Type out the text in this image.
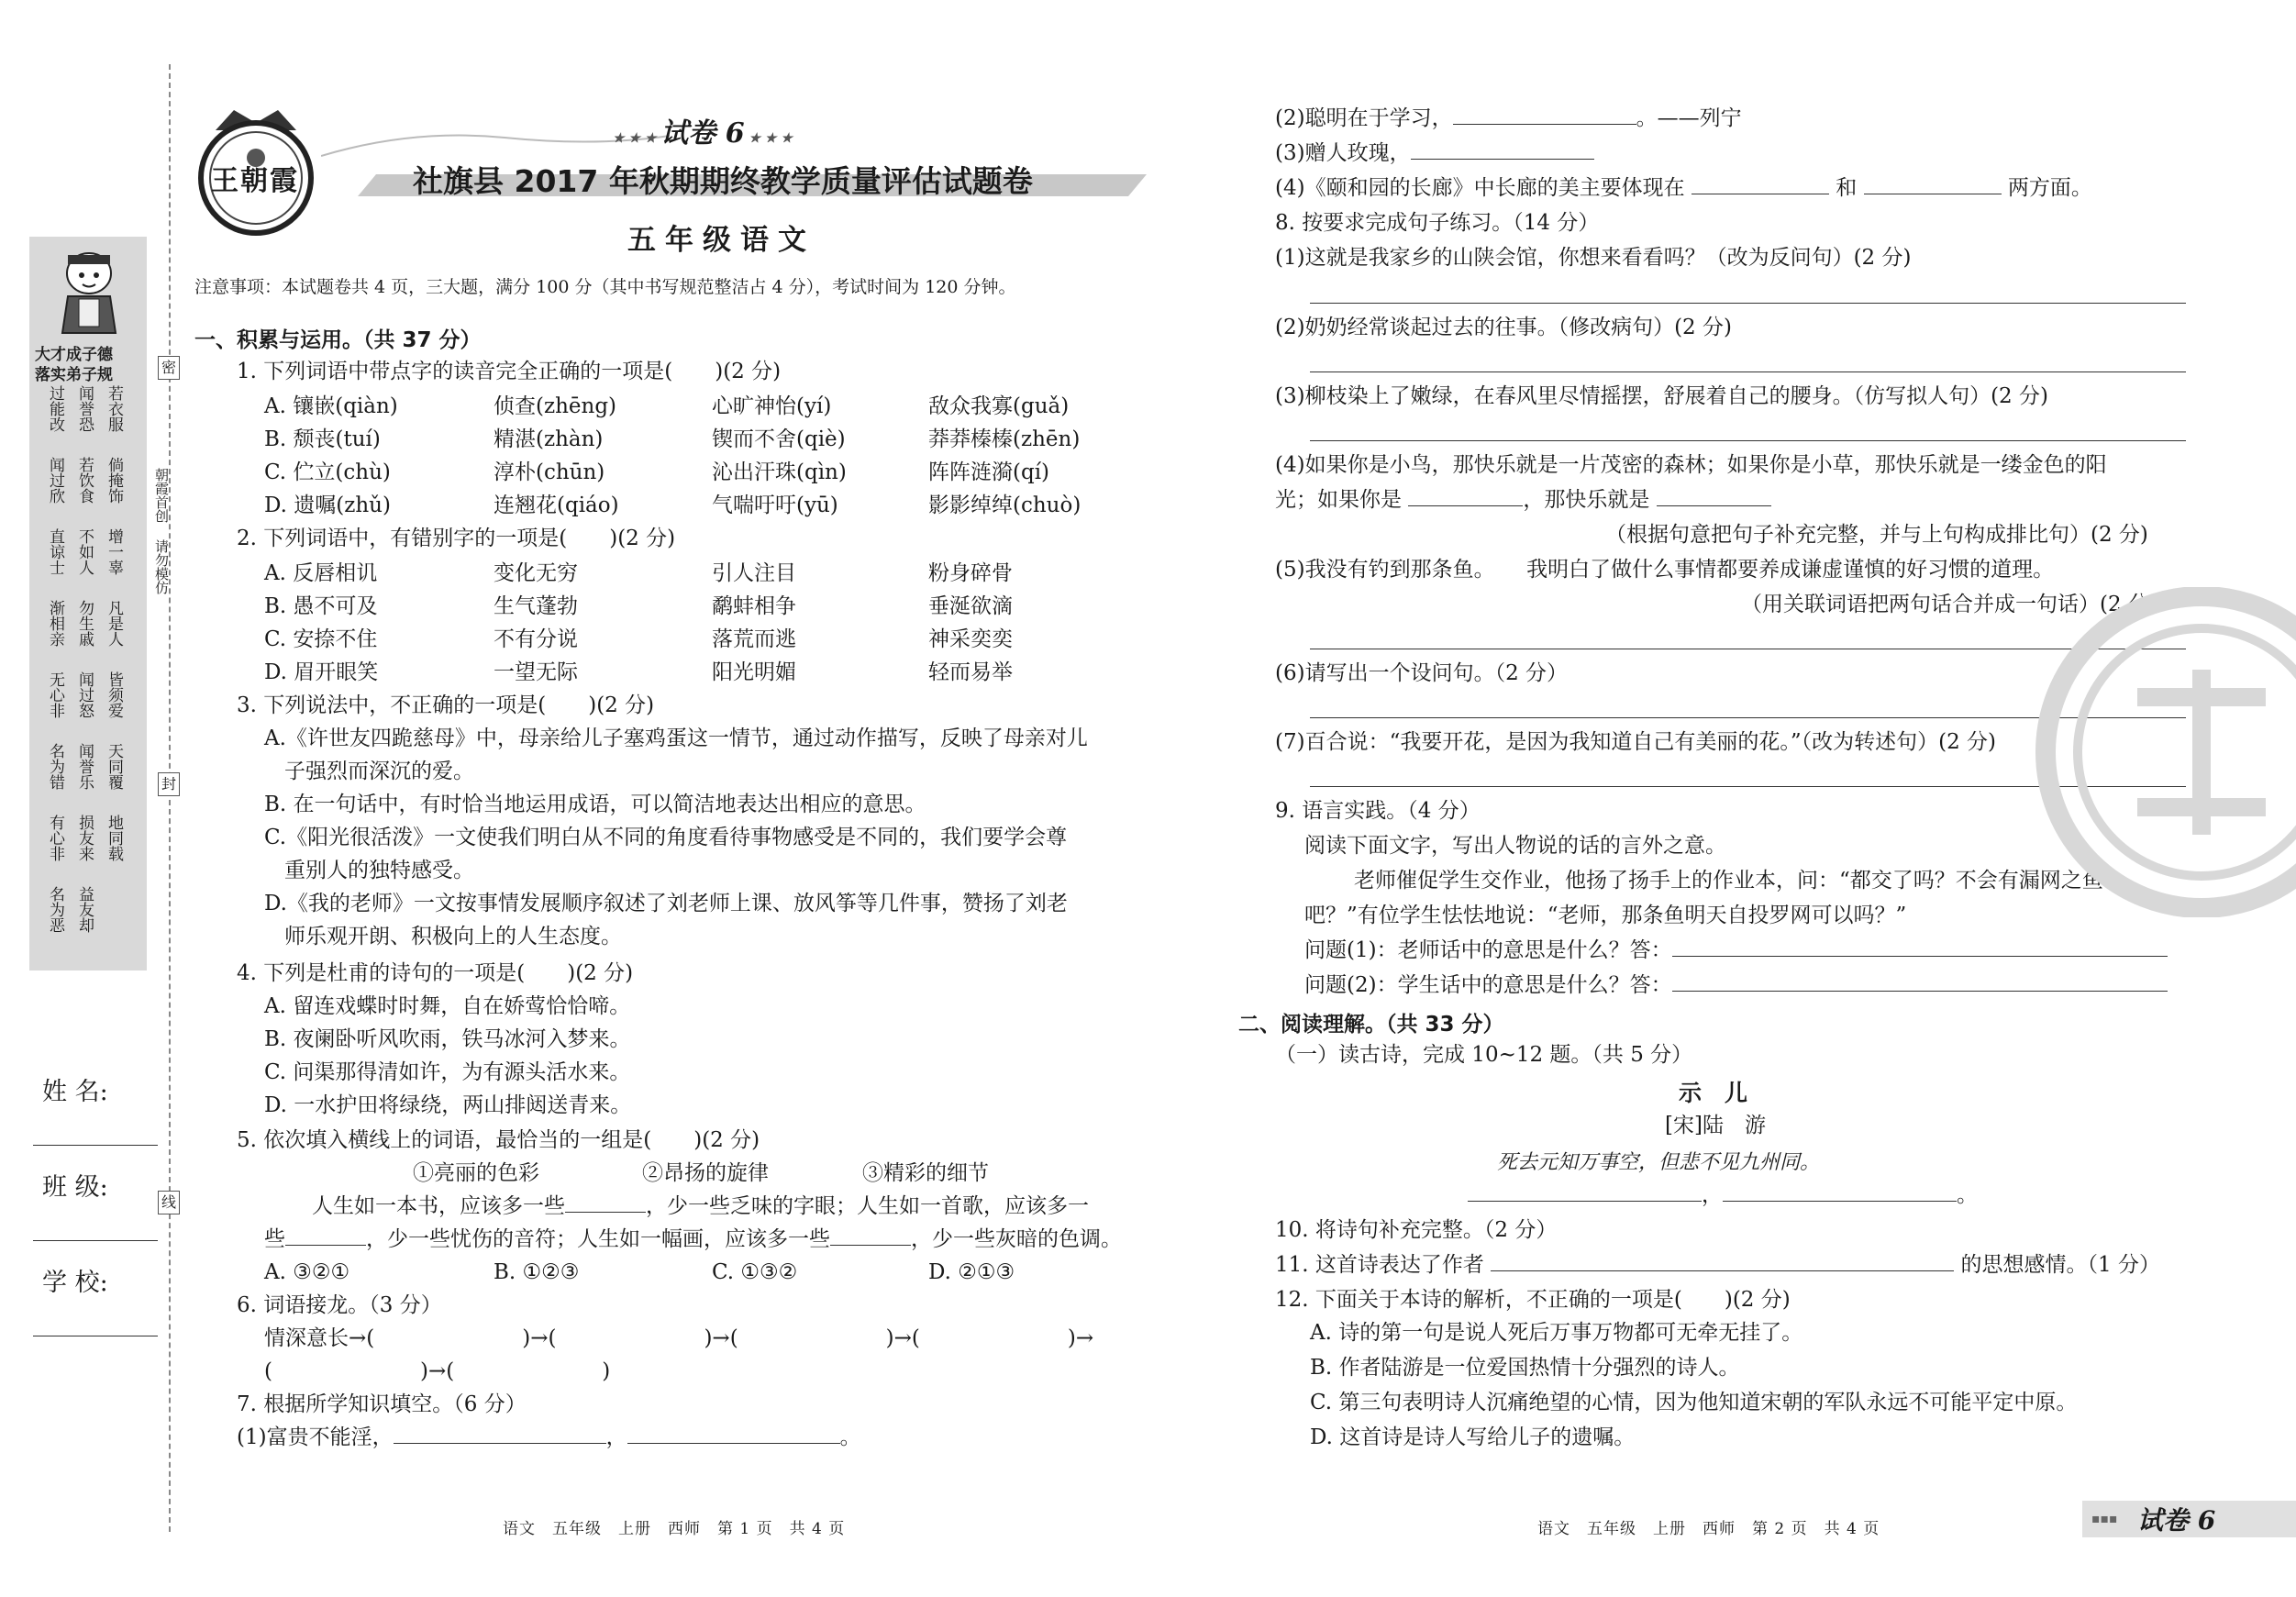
大才成子德
落实弟子规
过能改 闻誉恐 若衣服
闻过欣 若饮食 倘掩饰
直谅士 不如人 增一辜
渐相亲 勿生戚 凡是人
无心非 闻过怒 皆须爱
名为错 闻誉乐 天同覆
有心非 损友来 地同载
名为恶 益友却
密
封
线
朝霞首创 请勿模仿
姓 名:
班 级:
学 校:
王朝霞
★ ★ ★ 试卷 6 ★ ★ ★
社旗县 2017 年秋期期终教学质量评估试题卷
五年级语文
注意事项：本试题卷共 4 页，三大题，满分 100 分（其中书写规范整洁占 4 分），考试时间为 120 分钟。
一、积累与运用。（共 37 分）
1. 下列词语中带点字的读音完全正确的一项是(　　)(2 分)
A. 镶嵌(qiàn)	侦查(zhēng)	心旷神怡(yí)	敌众我寡(guǎ)
B. 颓丧(tuí)	精湛(zhàn)	锲而不舍(qiè)	莽莽榛榛(zhēn)
C. 伫立(chù)	淳朴(chūn)	沁出汗珠(qìn)	阵阵涟漪(qí)
D. 遗嘱(zhǔ)	连翘花(qiáo)	气喘吁吁(yū)	影影绰绰(chuò)
2. 下列词语中，有错别字的一项是(　　)(2 分)
A. 反唇相讥	变化无穷	引人注目	粉身碎骨
B. 愚不可及	生气蓬勃	鹬蚌相争	垂涎欲滴
C. 安捺不住	不有分说	落荒而逃	神采奕奕
D. 眉开眼笑	一望无际	阳光明媚	轻而易举
3. 下列说法中，不正确的一项是(　　)(2 分)
A.《许世友四跪慈母》中，母亲给儿子塞鸡蛋这一情节，通过动作描写，反映了母亲对儿
子强烈而深沉的爱。
B. 在一句话中，有时恰当地运用成语，可以简洁地表达出相应的意思。
C.《阳光很活泼》一文使我们明白从不同的角度看待事物感受是不同的，我们要学会尊
重别人的独特感受。
D.《我的老师》一文按事情发展顺序叙述了刘老师上课、放风筝等几件事，赞扬了刘老
师乐观开朗、积极向上的人生态度。
4. 下列是杜甫的诗句的一项是(　　)(2 分)
A. 留连戏蝶时时舞，自在娇莺恰恰啼。
B. 夜阑卧听风吹雨，铁马冰河入梦来。
C. 问渠那得清如许，为有源头活水来。
D. 一水护田将绿绕，两山排闼送青来。
5. 依次填入横线上的词语，最恰当的一组是(　　)(2 分)
①亮丽的色彩	②昂扬的旋律	③精彩的细节
人生如一本书，应该多一些	，少一些乏味的字眼；人生如一首歌，应该多一
些	，少一些忧伤的音符；人生如一幅画，应该多一些	，少一些灰暗的色调。
A. ③②①	B. ①②③	C. ①③②	D. ②①③
6. 词语接龙。（3 分）
情深意长→(　　　　　　　)→(　　　　　　　)→(　　　　　　　)→(　　　　　　　)→
(　　　　　　　)→(　　　　　　　)
7. 根据所学知识填空。（6 分）
(1)富贵不能淫，	，	。
语文　五年级　上册　西师　第 1 页　共 4 页
(2)聪明在于学习，	。——列宁
(3)赠人玫瑰，
(4)《颐和园的长廊》中长廊的美主要体现在	和	两方面。
8. 按要求完成句子练习。（14 分）
(1)这就是我家乡的山陕会馆，你想来看看吗？（改为反问句）(2 分)
(2)奶奶经常谈起过去的往事。（修改病句）(2 分)
(3)柳枝染上了嫩绿，在春风里尽情摇摆，舒展着自己的腰身。（仿写拟人句）(2 分)
(4)如果你是小鸟，那快乐就是一片茂密的森林；如果你是小草，那快乐就是一缕金色的阳
光；如果你是	，那快乐就是
（根据句意把句子补充完整，并与上句构成排比句）(2 分)
(5)我没有钓到那条鱼。　　我明白了做什么事情都要养成谦虚谨慎的好习惯的道理。
（用关联词语把两句话合并成一句话）(2 分)
(6)请写出一个设问句。（2 分）
(7)百合说：“我要开花，是因为我知道自己有美丽的花。”（改为转述句）(2 分)
9. 语言实践。（4 分）
阅读下面文字，写出人物说的话的言外之意。
老师催促学生交作业，他扬了扬手上的作业本，问：“都交了吗？不会有漏网之鱼
吧？”有位学生怯怯地说：“老师，那条鱼明天自投罗网可以吗？”
问题(1)：老师话中的意思是什么？答：
问题(2)：学生话中的意思是什么？答：
二、阅读理解。（共 33 分）
（一）读古诗，完成 10~12 题。（共 5 分）
示　儿
[宋]陆　游
死去元知万事空，但悲不见九州同。
，	。
10. 将诗句补充完整。（2 分）
11. 这首诗表达了作者	的思想感情。（1 分）
12. 下面关于本诗的解析，不正确的一项是(　　)(2 分)
A. 诗的第一句是说人死后万事万物都可无牵无挂了。
B. 作者陆游是一位爱国热情十分强烈的诗人。
C. 第三句表明诗人沉痛绝望的心情，因为他知道宋朝的军队永远不可能平定中原。
D. 这首诗是诗人写给儿子的遗嘱。
语文　五年级　上册　西师　第 2 页　共 4 页
▪▪▪ 试卷 6
